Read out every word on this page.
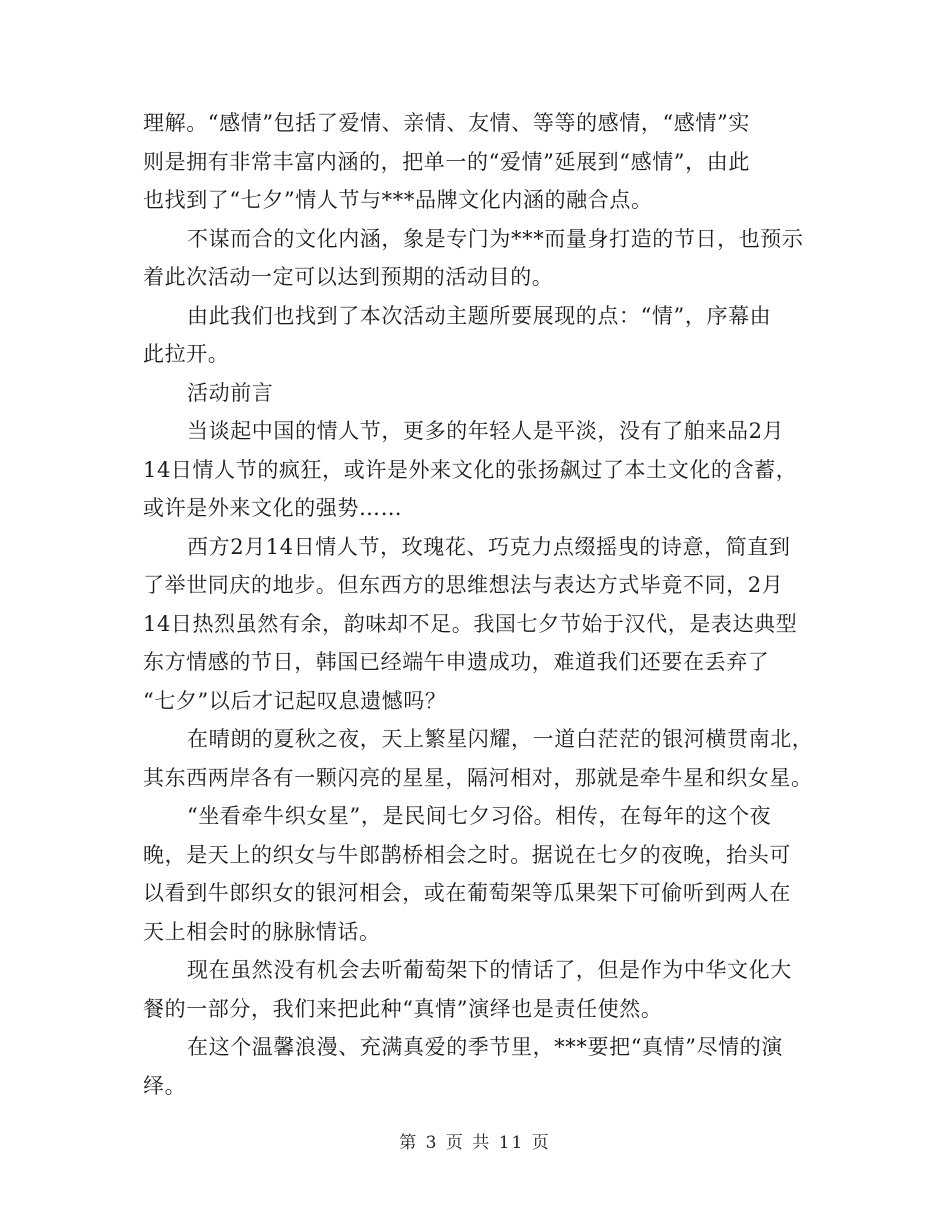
理解。“感情”包括了爱情、亲情、友情、等等的感情，“感情”实
则是拥有非常丰富内涵的，把单一的“爱情”延展到“感情”，由此
也找到了“七夕”情人节与***品牌文化内涵的融合点。
不谋而合的文化内涵，象是专门为***而量身打造的节日，也预示
着此次活动一定可以达到预期的活动目的。
由此我们也找到了本次活动主题所要展现的点：“情”，序幕由
此拉开。
活动前言
当谈起中国的情人节，更多的年轻人是平淡，没有了舶来品2月
14日情人节的疯狂，或许是外来文化的张扬飙过了本土文化的含蓄，
或许是外来文化的强势……
西方2月14日情人节，玫瑰花、巧克力点缀摇曳的诗意，简直到
了举世同庆的地步。但东西方的思维想法与表达方式毕竟不同，2月
14日热烈虽然有余，韵味却不足。我国七夕节始于汉代，是表达典型
东方情感的节日，韩国已经端午申遗成功，难道我们还要在丢弃了
“七夕”以后才记起叹息遗憾吗？
在晴朗的夏秋之夜，天上繁星闪耀，一道白茫茫的银河横贯南北，
其东西两岸各有一颗闪亮的星星，隔河相对，那就是牵牛星和织女星。
“坐看牵牛织女星”，是民间七夕习俗。相传，在每年的这个夜
晚，是天上的织女与牛郎鹊桥相会之时。据说在七夕的夜晚，抬头可
以看到牛郎织女的银河相会，或在葡萄架等瓜果架下可偷听到两人在
天上相会时的脉脉情话。
现在虽然没有机会去听葡萄架下的情话了，但是作为中华文化大
餐的一部分，我们来把此种“真情”演绎也是责任使然。
在这个温馨浪漫、充满真爱的季节里，***要把“真情”尽情的演
绎。
第 3 页 共 11 页
